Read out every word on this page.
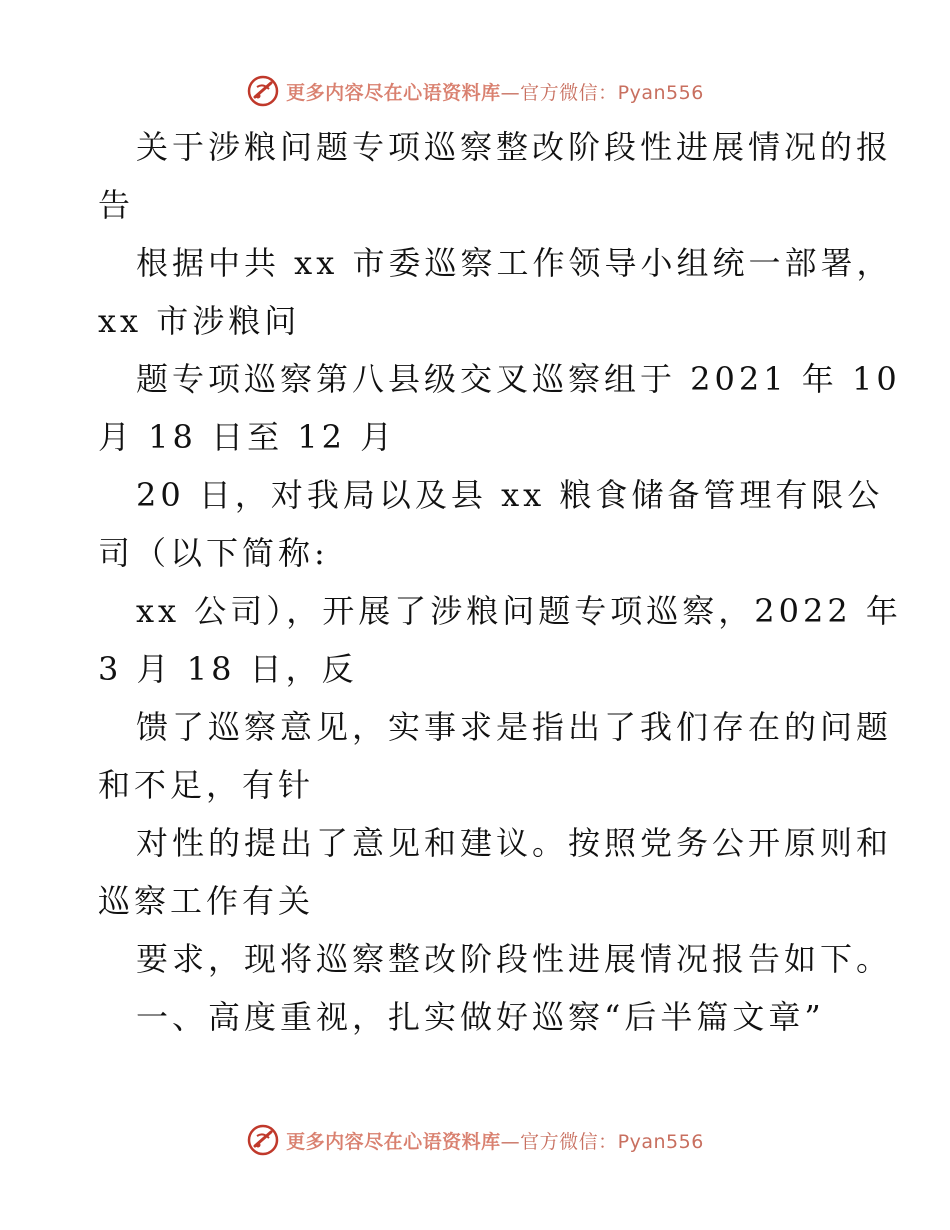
更多内容尽在心语资料库—官方微信：Pyan556
关于涉粮问题专项巡察整改阶段性进展情况的报
告
根据中共 xx 市委巡察工作领导小组统一部署，
xx 市涉粮问
题专项巡察第八县级交叉巡察组于 2021 年 10
月 18 日至 12 月
20 日，对我局以及县 xx 粮食储备管理有限公
司（以下简称:
xx 公司），开展了涉粮问题专项巡察，2022 年
3 月 18 日，反
馈了巡察意见，实事求是指出了我们存在的问题
和不足，有针
对性的提出了意见和建议。按照党务公开原则和
巡察工作有关
要求，现将巡察整改阶段性进展情况报告如下。
一、高度重视，扎实做好巡察“后半篇文章”
更多内容尽在心语资料库—官方微信：Pyan556
